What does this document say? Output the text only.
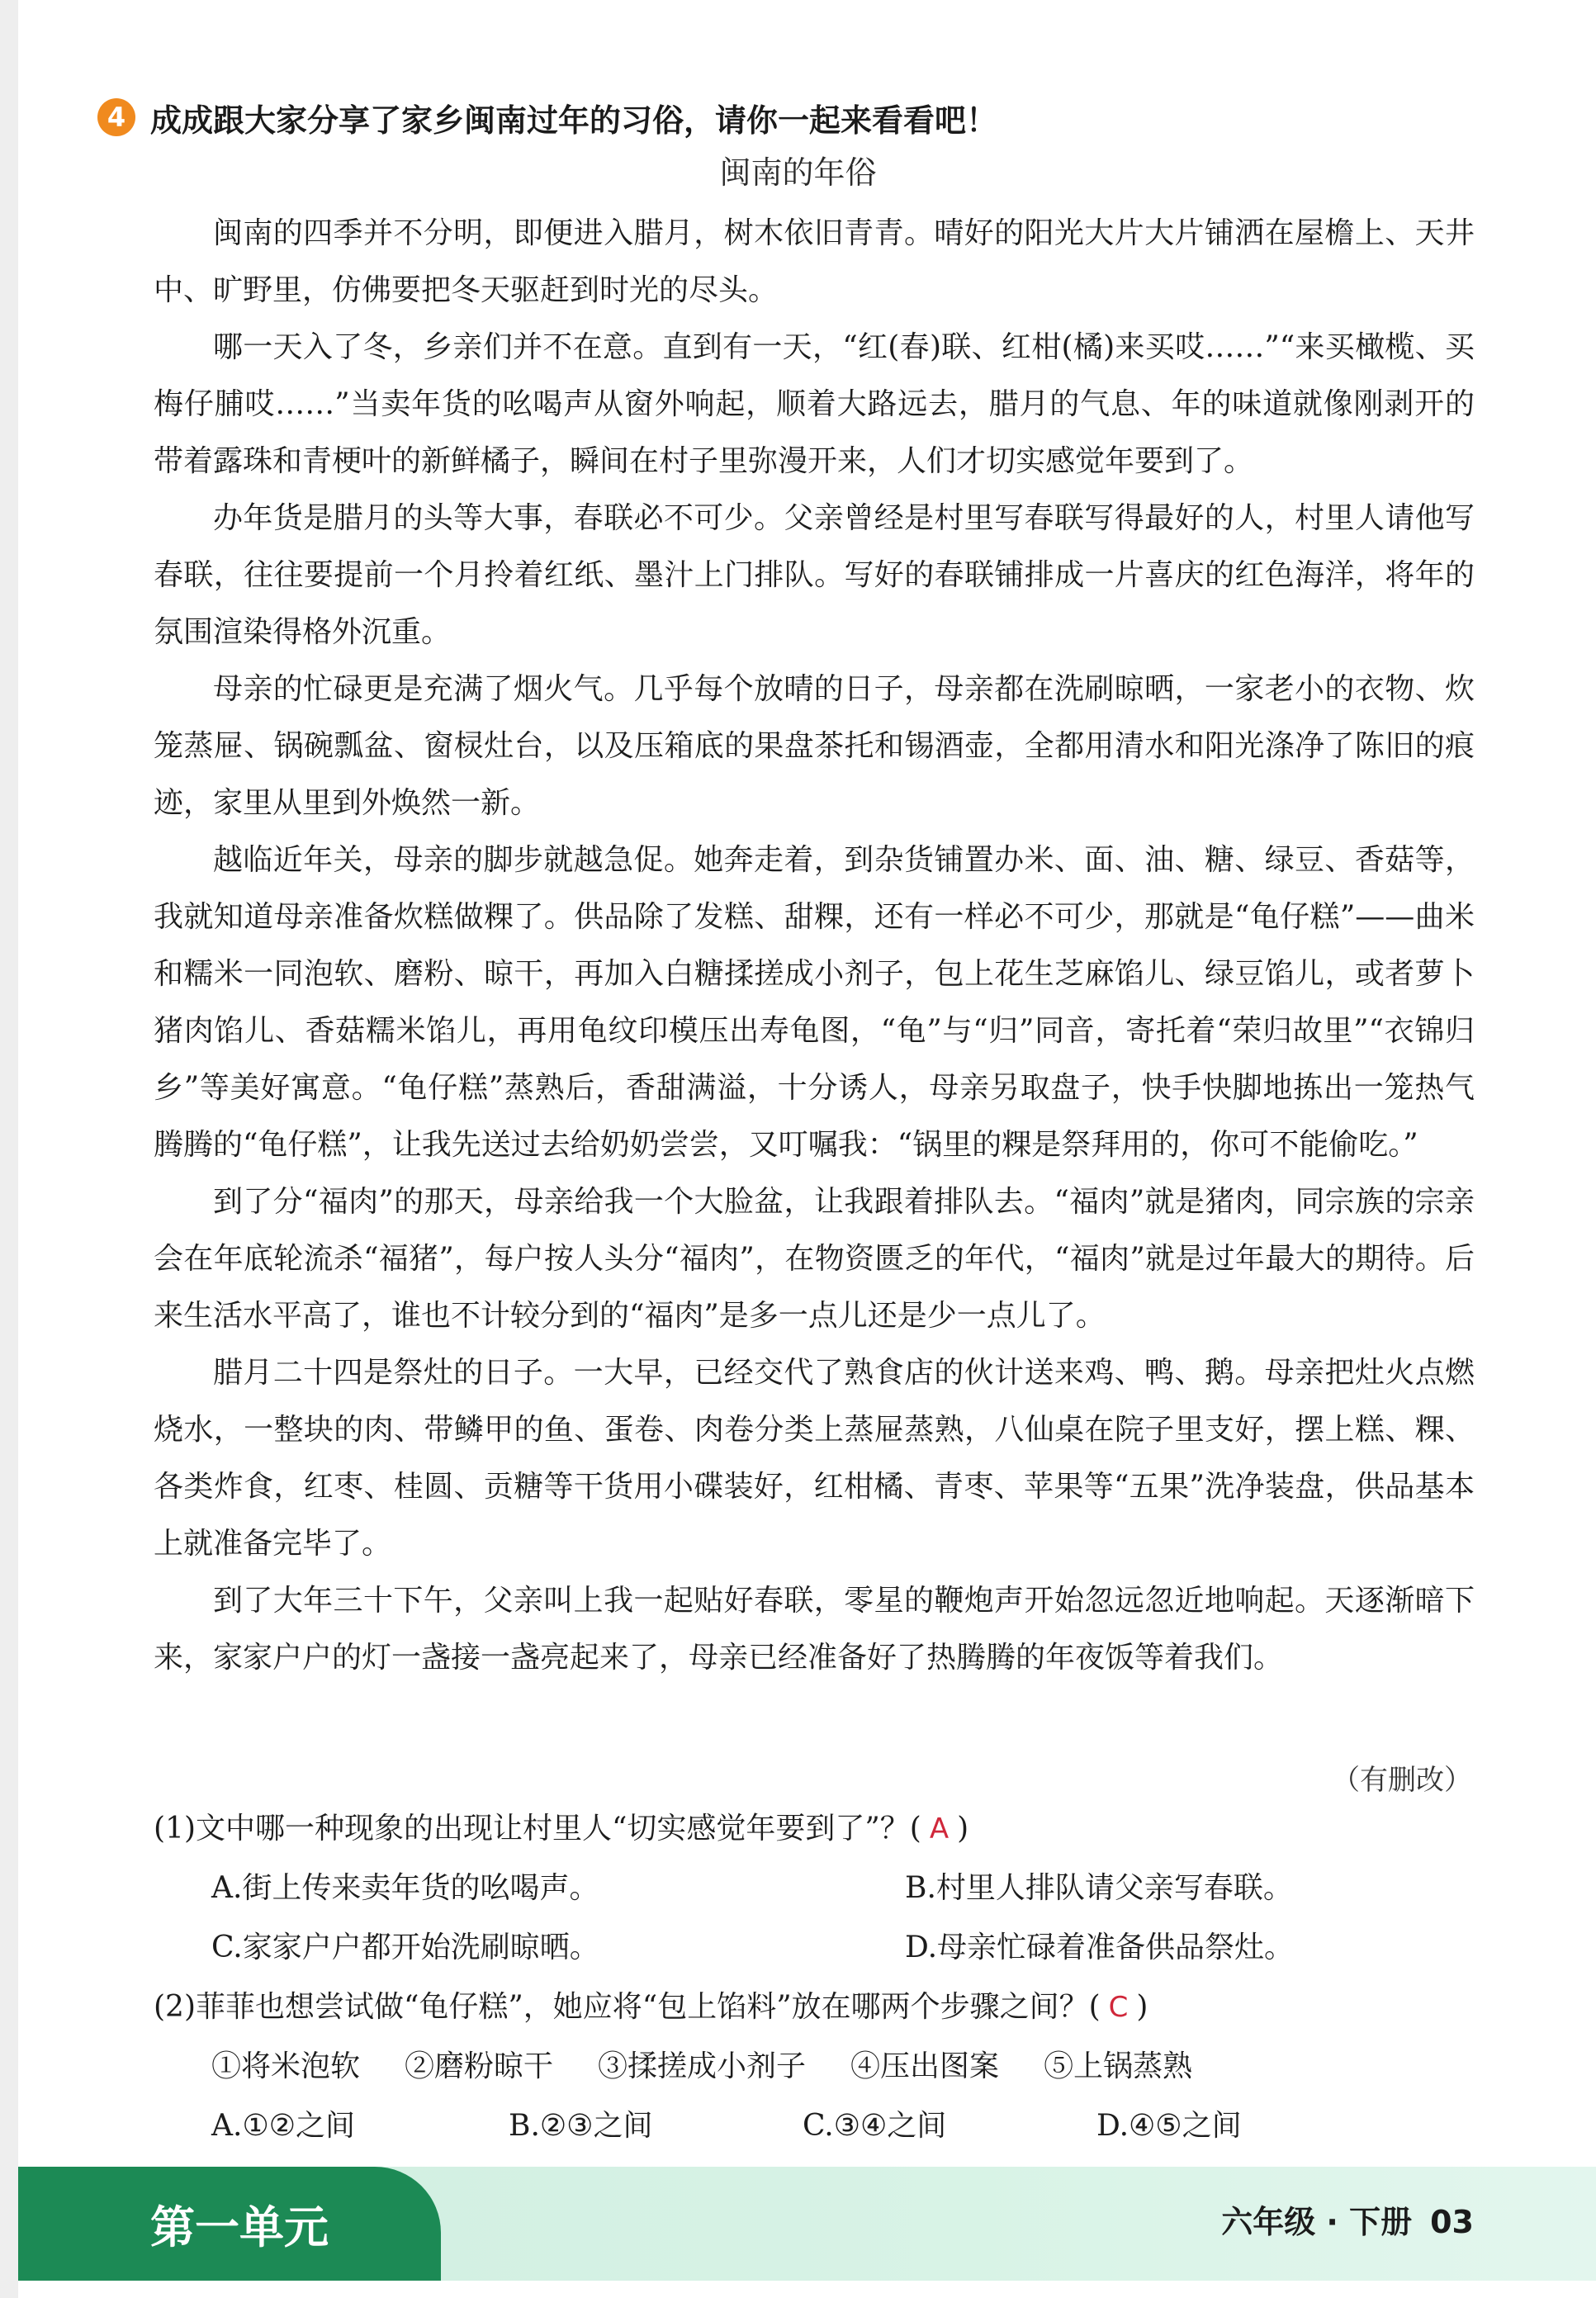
4 成成跟大家分享了家乡闽南过年的习俗，请你一起来看看吧！
闽南的年俗

闽南的四季并不分明，即便进入腊月，树木依旧青青。晴好的阳光大片大片铺洒在屋檐上、天井中、旷野里，仿佛要把冬天驱赶到时光的尽头。

哪一天入了冬，乡亲们并不在意。直到有一天，“红(春)联、红柑(橘)来买哎……”“来买橄榄、买梅仔脯哎……”当卖年货的吆喝声从窗外响起，顺着大路远去，腊月的气息、年的味道就像刚剥开的带着露珠和青梗叶的新鲜橘子，瞬间在村子里弥漫开来，人们才切实感觉年要到了。

办年货是腊月的头等大事，春联必不可少。父亲曾经是村里写春联写得最好的人，村里人请他写春联，往往要提前一个月拎着红纸、墨汁上门排队。写好的春联铺排成一片喜庆的红色海洋，将年的氛围渲染得格外沉重。

母亲的忙碌更是充满了烟火气。几乎每个放晴的日子，母亲都在洗刷晾晒，一家老小的衣物、炊笼蒸屉、锅碗瓢盆、窗棂灶台，以及压箱底的果盘茶托和锡酒壶，全都用清水和阳光涤净了陈旧的痕迹，家里从里到外焕然一新。

越临近年关，母亲的脚步就越急促。她奔走着，到杂货铺置办米、面、油、糖、绿豆、香菇等，我就知道母亲准备炊糕做粿了。供品除了发糕、甜粿，还有一样必不可少，那就是“龟仔糕”——曲米和糯米一同泡软、磨粉、晾干，再加入白糖揉搓成小剂子，包上花生芝麻馅儿、绿豆馅儿，或者萝卜猪肉馅儿、香菇糯米馅儿，再用龟纹印模压出寿龟图，“龟”与“归”同音，寄托着“荣归故里”“衣锦归乡”等美好寓意。“龟仔糕”蒸熟后，香甜满溢，十分诱人，母亲另取盘子，快手快脚地拣出一笼热气腾腾的“龟仔糕”，让我先送过去给奶奶尝尝，又叮嘱我：“锅里的粿是祭拜用的，你可不能偷吃。”

到了分“福肉”的那天，母亲给我一个大脸盆，让我跟着排队去。“福肉”就是猪肉，同宗族的宗亲会在年底轮流杀“福猪”，每户按人头分“福肉”，在物资匮乏的年代，“福肉”就是过年最大的期待。后来生活水平高了，谁也不计较分到的“福肉”是多一点儿还是少一点儿了。

腊月二十四是祭灶的日子。一大早，已经交代了熟食店的伙计送来鸡、鸭、鹅。母亲把灶火点燃烧水，一整块的肉、带鳞甲的鱼、蛋卷、肉卷分类上蒸屉蒸熟，八仙桌在院子里支好，摆上糕、粿、各类炸食，红枣、桂圆、贡糖等干货用小碟装好，红柑橘、青枣、苹果等“五果”洗净装盘，供品基本上就准备完毕了。

到了大年三十下午，父亲叫上我一起贴好春联，零星的鞭炮声开始忽远忽近地响起。天逐渐暗下来，家家户户的灯一盏接一盏亮起来了，母亲已经准备好了热腾腾的年夜饭等着我们。

（有删改）
(1)文中哪一种现象的出现让村里人“切实感觉年要到了”？( A )
A.街上传来卖年货的吆喝声。	B.村里人排队请父亲写春联。
C.家家户户都开始洗刷晾晒。	D.母亲忙碌着准备供品祭灶。
(2)菲菲也想尝试做“龟仔糕”，她应将“包上馅料”放在哪两个步骤之间？( C )
①将米泡软 ②磨粉晾干 ③揉搓成小剂子 ④压出图案 ⑤上锅蒸熟
A.①②之间	B.②③之间	C.③④之间	D.④⑤之间
第一单元	六年级 · 下册 03
